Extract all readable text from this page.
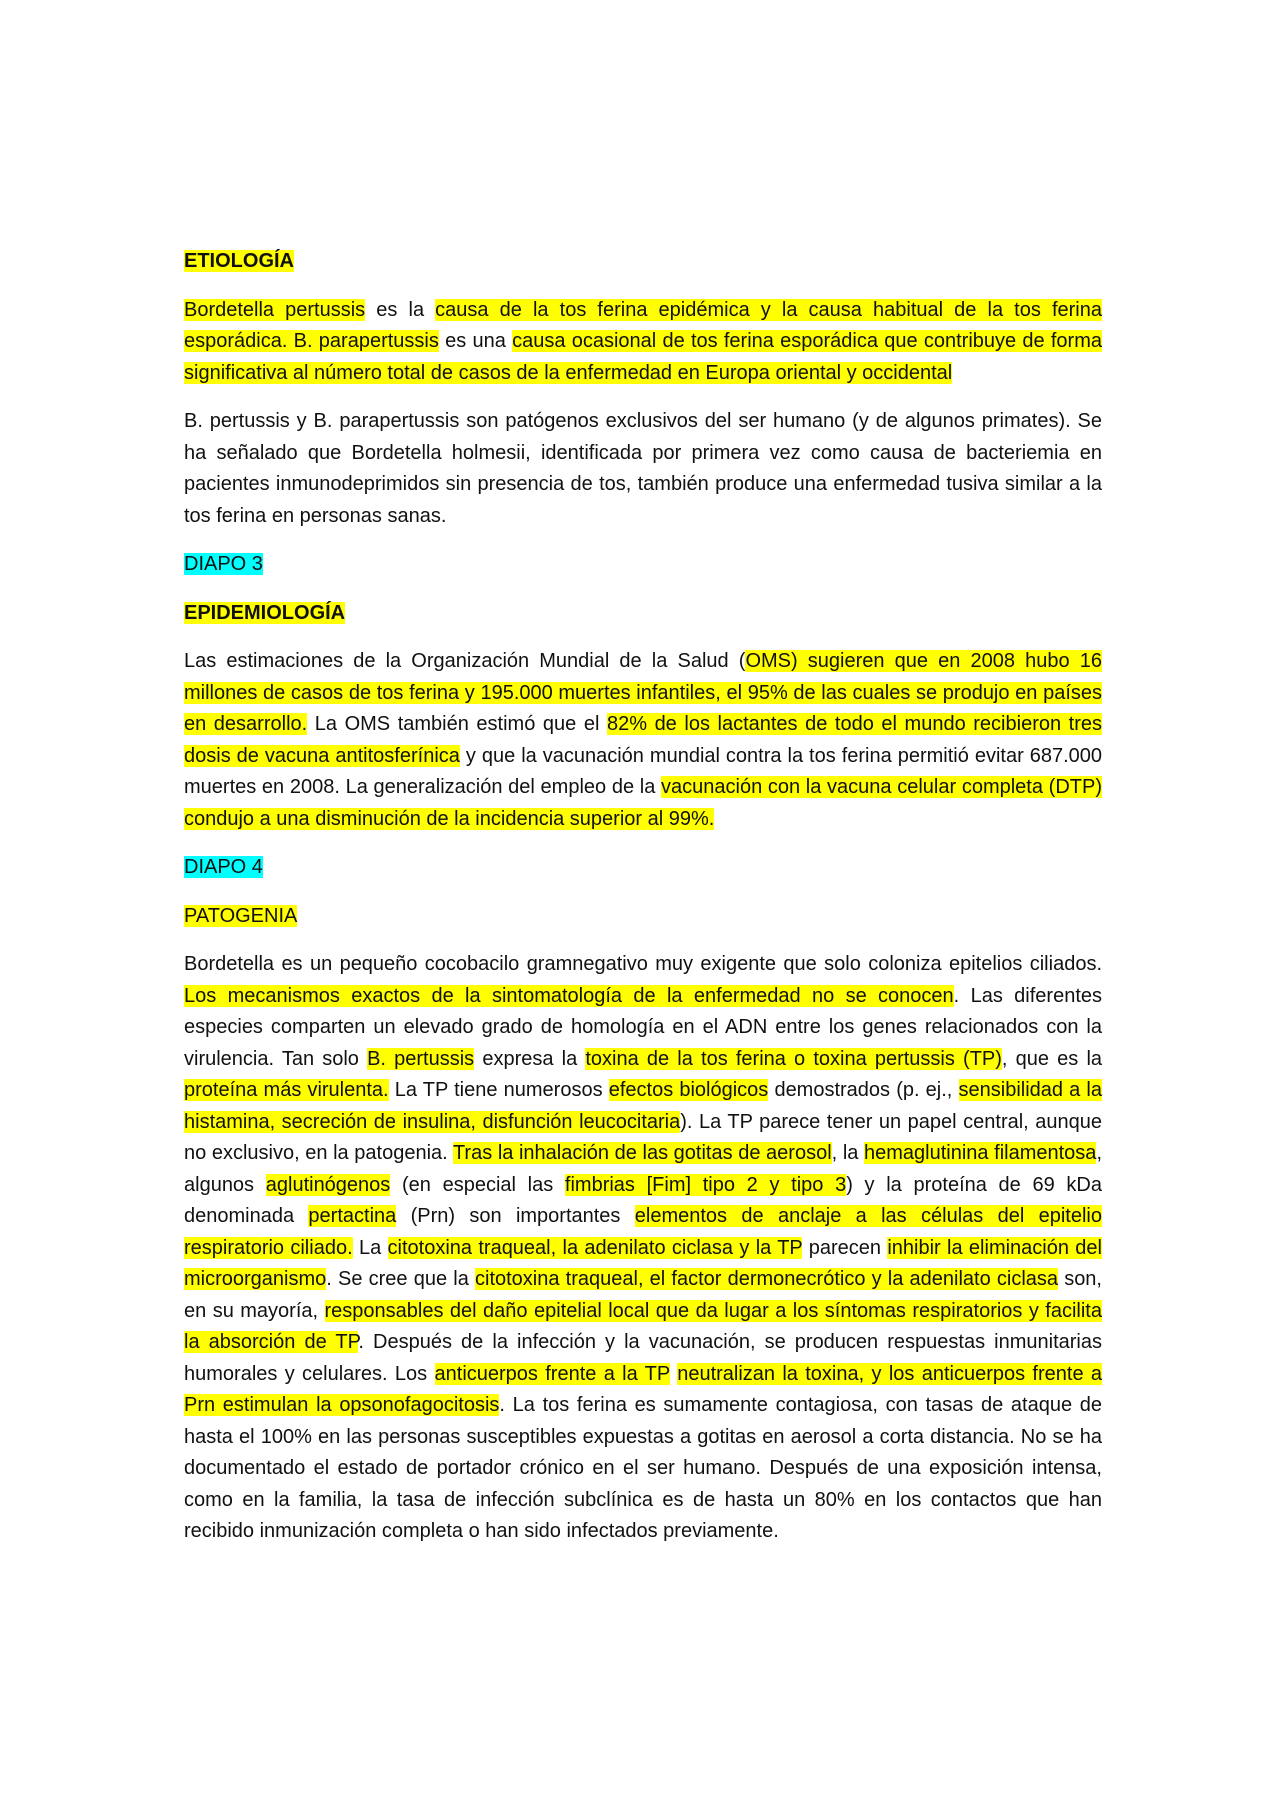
ETIOLOGÍA

Bordetella pertussis es la causa de la tos ferina epidémica y la causa habitual de la tos ferina esporádica. B. parapertussis es una causa ocasional de tos ferina esporádica que contribuye de forma significativa al número total de casos de la enfermedad en Europa oriental y occidental

B. pertussis y B. parapertussis son patógenos exclusivos del ser humano (y de algunos primates). Se ha señalado que Bordetella holmesii, identificada por primera vez como causa de bacteriemia en pacientes inmunodeprimidos sin presencia de tos, también produce una enfermedad tusiva similar a la tos ferina en personas sanas.

DIAPO 3

EPIDEMIOLOGÍA

Las estimaciones de la Organización Mundial de la Salud (OMS) sugieren que en 2008 hubo 16 millones de casos de tos ferina y 195.000 muertes infantiles, el 95% de las cuales se produjo en países en desarrollo. La OMS también estimó que el 82% de los lactantes de todo el mundo recibieron tres dosis de vacuna antitosferínica y que la vacunación mundial contra la tos ferina permitió evitar 687.000 muertes en 2008. La generalización del empleo de la vacunación con la vacuna celular completa (DTP) condujo a una disminución de la incidencia superior al 99%.

DIAPO 4

PATOGENIA

Bordetella es un pequeño cocobacilo gramnegativo muy exigente que solo coloniza epitelios ciliados. Los mecanismos exactos de la sintomatología de la enfermedad no se conocen. Las diferentes especies comparten un elevado grado de homología en el ADN entre los genes relacionados con la virulencia. Tan solo B. pertussis expresa la toxina de la tos ferina o toxina pertussis (TP), que es la proteína más virulenta. La TP tiene numerosos efectos biológicos demostrados (p. ej., sensibilidad a la histamina, secreción de insulina, disfunción leucocitaria). La TP parece tener un papel central, aunque no exclusivo, en la patogenia. Tras la inhalación de las gotitas de aerosol, la hemaglutinina filamentosa, algunos aglutinógenos (en especial las fimbrias [Fim] tipo 2 y tipo 3) y la proteína de 69 kDa denominada pertactina (Prn) son importantes elementos de anclaje a las células del epitelio respiratorio ciliado. La citotoxina traqueal, la adenilato ciclasa y la TP parecen inhibir la eliminación del microorganismo. Se cree que la citotoxina traqueal, el factor dermonecrótico y la adenilato ciclasa son, en su mayoría, responsables del daño epitelial local que da lugar a los síntomas respiratorios y facilita la absorción de TP. Después de la infección y la vacunación, se producen respuestas inmunitarias humorales y celulares. Los anticuerpos frente a la TP neutralizan la toxina, y los anticuerpos frente a Prn estimulan la opsonofagocitosis. La tos ferina es sumamente contagiosa, con tasas de ataque de hasta el 100% en las personas susceptibles expuestas a gotitas en aerosol a corta distancia. No se ha documentado el estado de portador crónico en el ser humano. Después de una exposición intensa, como en la familia, la tasa de infección subclínica es de hasta un 80% en los contactos que han recibido inmunización completa o han sido infectados previamente.
